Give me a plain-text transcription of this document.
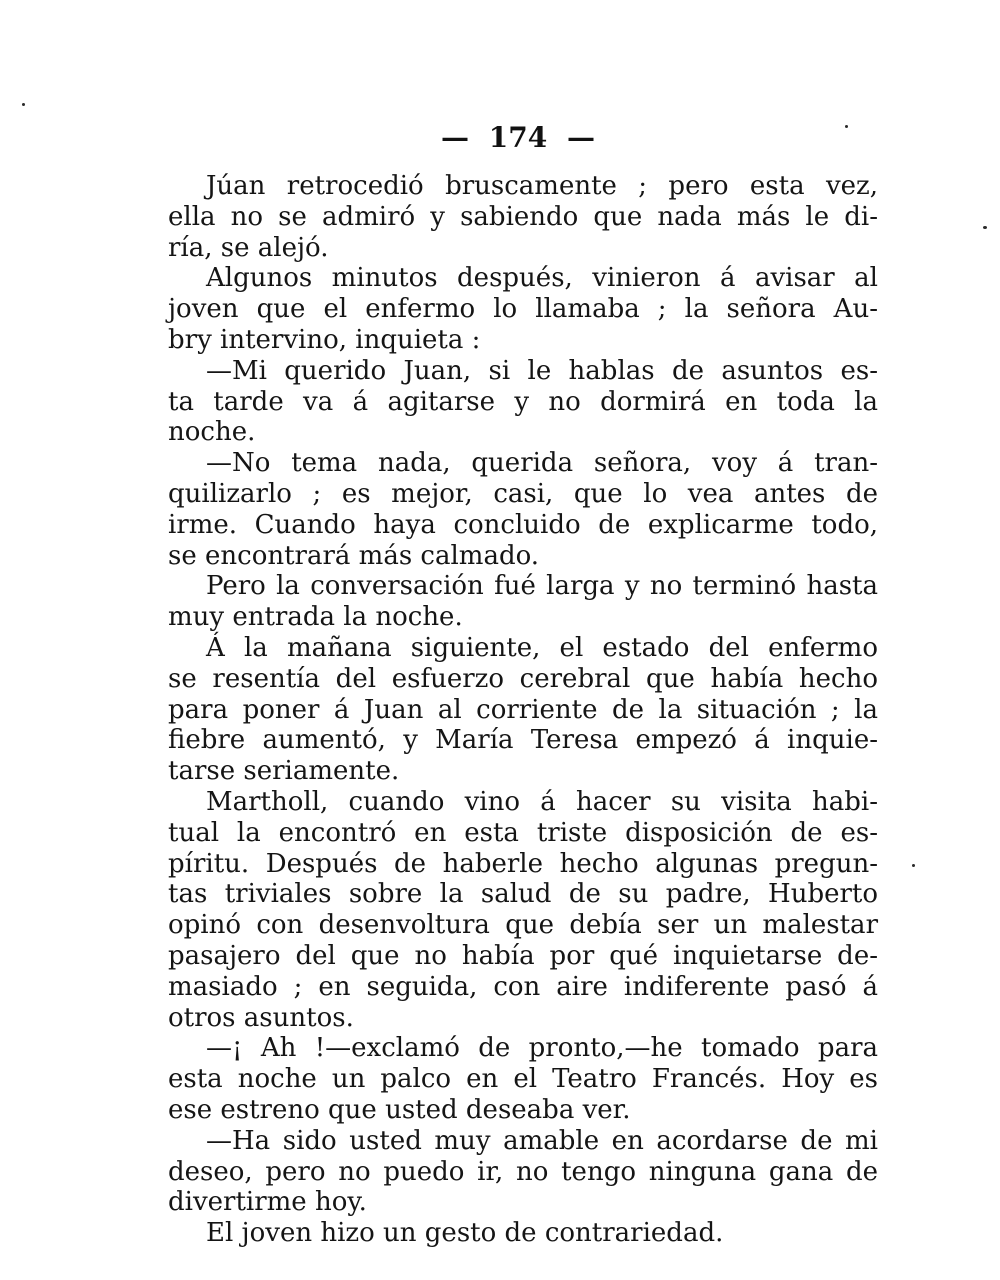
— 174 —
Júan retrocedió bruscamente ; pero esta vez,
ella no se admiró y sabiendo que nada más le di-
ría, se alejó.
Algunos minutos después, vinieron á avisar al
joven que el enfermo lo llamaba ; la señora Au-
bry intervino, inquieta :
—Mi querido Juan, si le hablas de asuntos es-
ta tarde va á agitarse y no dormirá en toda la
noche.
—No tema nada, querida señora, voy á tran-
quilizarlo ; es mejor, casi, que lo vea antes de
irme. Cuando haya concluido de explicarme todo,
se encontrará más calmado.
Pero la conversación fué larga y no terminó hasta
muy entrada la noche.
Á la mañana siguiente, el estado del enfermo
se resentía del esfuerzo cerebral que había hecho
para poner á Juan al corriente de la situación ; la
fiebre aumentó, y María Teresa empezó á inquie-
tarse seriamente.
Martholl, cuando vino á hacer su visita habi-
tual la encontró en esta triste disposición de es-
píritu. Después de haberle hecho algunas pregun-
tas triviales sobre la salud de su padre, Huberto
opinó con desenvoltura que debía ser un malestar
pasajero del que no había por qué inquietarse de-
masiado ; en seguida, con aire indiferente pasó á
otros asuntos.
—¡ Ah !—exclamó de pronto,—he tomado para
esta noche un palco en el Teatro Francés. Hoy es
ese estreno que usted deseaba ver.
—Ha sido usted muy amable en acordarse de mi
deseo, pero no puedo ir, no tengo ninguna gana de
divertirme hoy.
El joven hizo un gesto de contrariedad.
